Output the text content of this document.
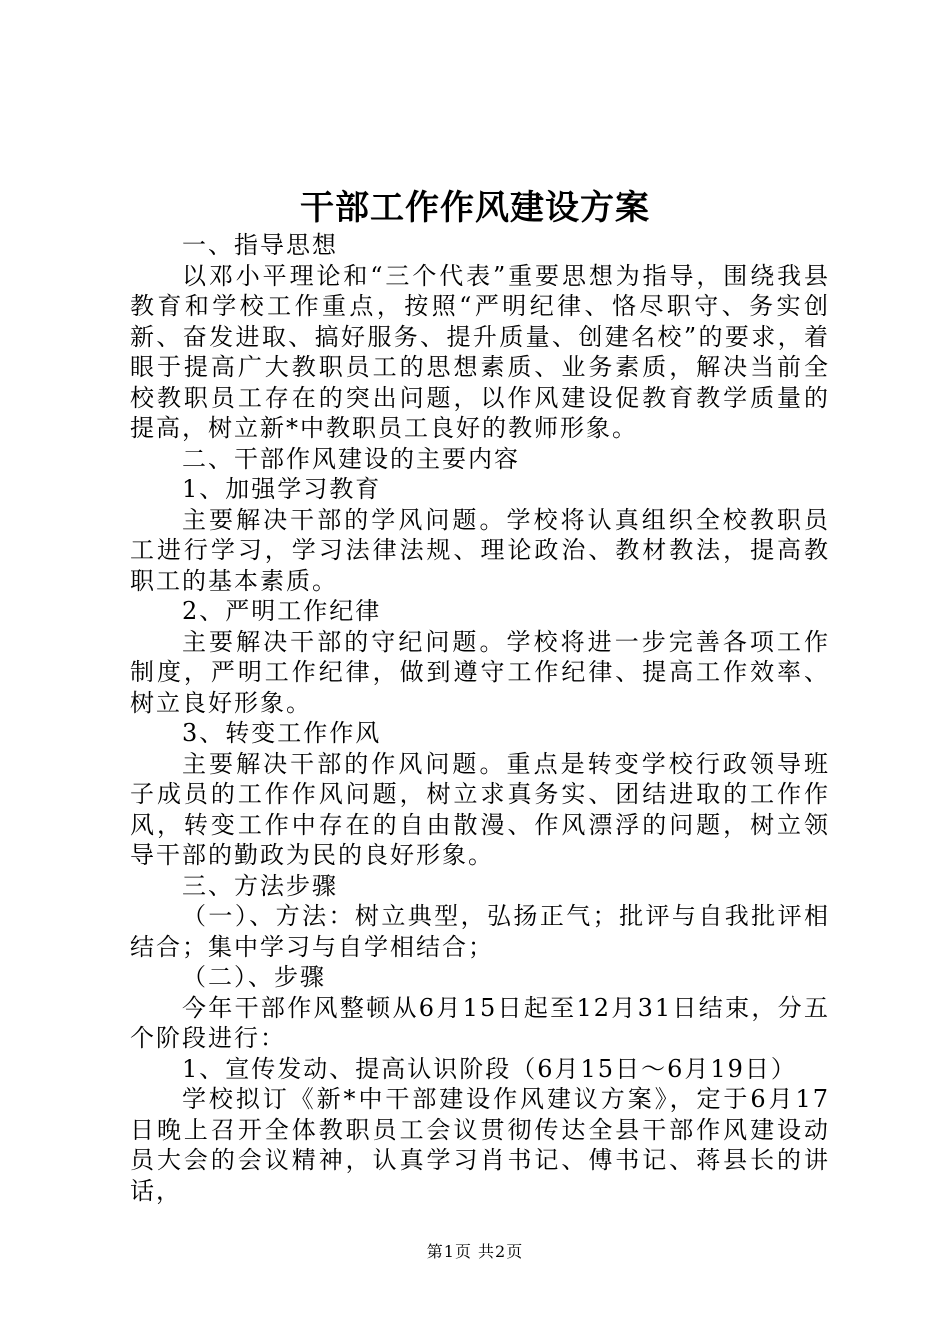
干部工作作风建设方案

一、指导思想

以邓小平理论和“三个代表”重要思想为指导，围绕我县教育和学校工作重点，按照“严明纪律、恪尽职守、务实创新、奋发进取、搞好服务、提升质量、创建名校”的要求，着眼于提高广大教职员工的思想素质、业务素质，解决当前全校教职员工存在的突出问题，以作风建设促教育教学质量的提高，树立新*中教职员工良好的教师形象。

二、干部作风建设的主要内容

1、加强学习教育

主要解决干部的学风问题。学校将认真组织全校教职员工进行学习，学习法律法规、理论政治、教材教法，提高教职工的基本素质。

2、严明工作纪律

主要解决干部的守纪问题。学校将进一步完善各项工作制度，严明工作纪律，做到遵守工作纪律、提高工作效率、树立良好形象。

3、转变工作作风

主要解决干部的作风问题。重点是转变学校行政领导班子成员的工作作风问题，树立求真务实、团结进取的工作作风，转变工作中存在的自由散漫、作风漂浮的问题，树立领导干部的勤政为民的良好形象。

三、方法步骤

（一）、方法：树立典型，弘扬正气；批评与自我批评相结合；集中学习与自学相结合；

（二）、步骤

今年干部作风整顿从6月15日起至12月31日结束，分五个阶段进行：

1、宣传发动、提高认识阶段（6月15日～6月19日）

学校拟订《新*中干部建设作风建议方案》，定于6月17日晚上召开全体教职员工会议贯彻传达全县干部作风建设动员大会的会议精神，认真学习肖书记、傅书记、蒋县长的讲话，

第1页 共2页
